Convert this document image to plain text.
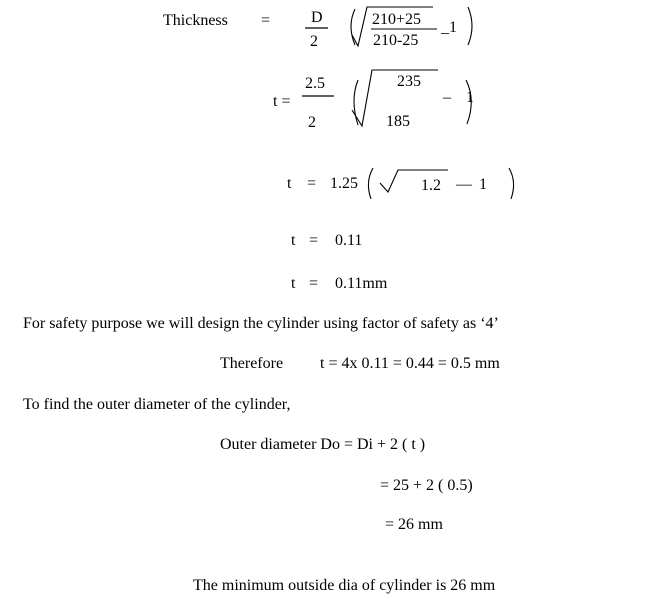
Thickness =	D
2
210+25
210-25
_1
t =
2.5
2
235
185
– 1
t = 1.25	1.2 — 1
t = 0.11
t = 0.11mm
For safety purpose we will design the cylinder using factor of safety as ‘4’
Therefore t = 4x 0.11 = 0.44 = 0.5 mm
To find the outer diameter of the cylinder,
Outer diameter Do = Di + 2 ( t )
= 25 + 2 ( 0.5)
= 26 mm
The minimum outside dia of cylinder is 26 mm
